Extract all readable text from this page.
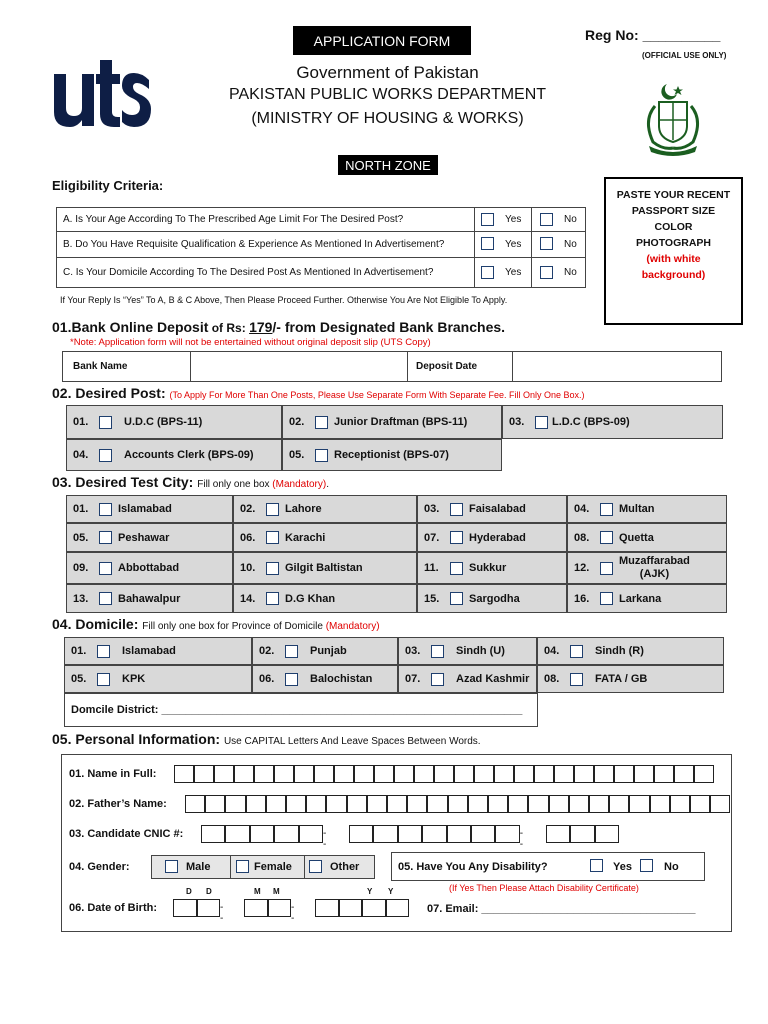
APPLICATION FORM	Reg No: __________
(OFFICIAL USE ONLY)
Government of Pakistan
PAKISTAN PUBLIC WORKS DEPARTMENT
(MINISTRY OF HOUSING & WORKS)
NORTH ZONE
PASTE YOUR RECENT
PASSPORT SIZE
COLOR
PHOTOGRAPH
(with white
background)
Eligibility Criteria:
A. Is Your Age According To The Prescribed Age Limit For The Desired Post?	Yes	No
B. Do You Have Requisite Qualification & Experience As Mentioned In Advertisement?	Yes	No
C. Is Your Domicile According To The Desired Post As Mentioned In Advertisement?	Yes	No
If Your Reply Is “Yes” To A, B & C Above, Then Please Proceed Further. Otherwise You Are Not Eligible To Apply.
01.Bank Online Deposit of Rs: 179/- from Designated Bank Branches.
*Note: Application form will not be entertained without original deposit slip (UTS Copy)
Bank Name	Deposit Date
02. Desired Post: (To Apply For More Than One Posts, Please Use Separate Form With Separate Fee. Fill Only One Box.)
01.	U.D.C (BPS-11)	02.	Junior Draftman (BPS-11)	03.	L.D.C (BPS-09)
04.	Accounts Clerk (BPS-09)	05.	Receptionist (BPS-07)
03. Desired Test City: Fill only one box (Mandatory).
01.	Islamabad	02.	Lahore	03.	Faisalabad	04.	Multan
05.	Peshawar	06.	Karachi	07.	Hyderabad	08.	Quetta
09.	Abbottabad	10.	Gilgit Baltistan	11.	Sukkur	12.
Muzaffarabad
(AJK)
13.	Bahawalpur	14.	D.G Khan	15.	Sargodha	16.	Larkana
04. Domicile: Fill only one box for Province of Domicile (Mandatory)
01.	Islamabad	02.	Punjab	03.	Sindh (U)	04.	Sindh (R)
05.	KPK	06.	Balochistan	07.	Azad Kashmir 08.	FATA / GB
Domcile District: ___________________________________________________________
05. Personal Information: Use CAPITAL Letters And Leave Spaces Between Words.
01. Name in Full:
02. Father’s Name:
03. Candidate CNIC #:	--
--
04. Gender:	Male	Female	Other	05. Have You Any Disability?	Yes	No
(If Yes Then Please Attach Disability Certificate)
D D	M M	Y Y
06. Date of Birth:	--
--
07. Email: ___________________________________
